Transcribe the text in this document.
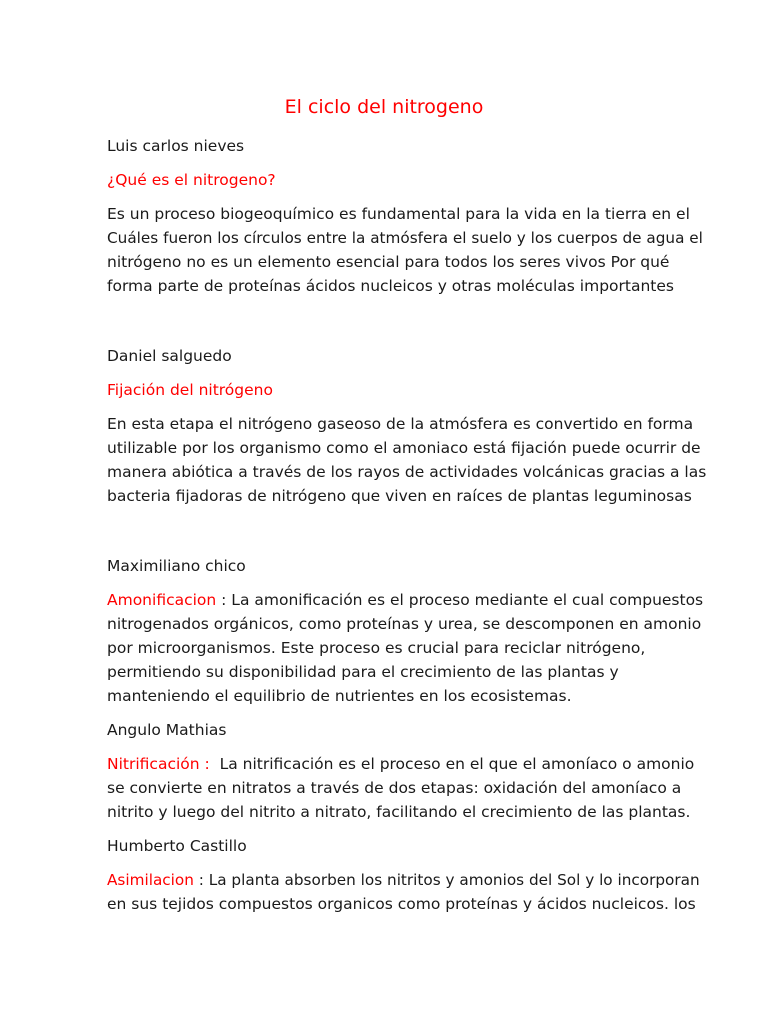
El ciclo del nitrogeno

Luis carlos nieves

¿Qué es el nitrogeno?

Es un proceso biogeoquímico es fundamental para la vida en la tierra en el
Cuáles fueron los círculos entre la atmósfera el suelo y los cuerpos de agua el
nitrógeno no es un elemento esencial para todos los seres vivos Por qué
forma parte de proteínas ácidos nucleicos y otras moléculas importantes

Daniel salguedo

Fijación del nitrógeno

En esta etapa el nitrógeno gaseoso de la atmósfera es convertido en forma
utilizable por los organismo como el amoniaco está fijación puede ocurrir de
manera abiótica a través de los rayos de actividades volcánicas gracias a las
bacteria fijadoras de nitrógeno que viven en raíces de plantas leguminosas

Maximiliano chico

Amonificacion : La amonificación es el proceso mediante el cual compuestos
nitrogenados orgánicos, como proteínas y urea, se descomponen en amonio
por microorganismos. Este proceso es crucial para reciclar nitrógeno,
permitiendo su disponibilidad para el crecimiento de las plantas y
manteniendo el equilibrio de nutrientes en los ecosistemas.

Angulo Mathias

Nitrificación :  La nitrificación es el proceso en el que el amoníaco o amonio
se convierte en nitratos a través de dos etapas: oxidación del amoníaco a
nitrito y luego del nitrito a nitrato, facilitando el crecimiento de las plantas.

Humberto Castillo

Asimilacion : La planta absorben los nitritos y amonios del Sol y lo incorporan
en sus tejidos compuestos organicos como proteínas y ácidos nucleicos. los
